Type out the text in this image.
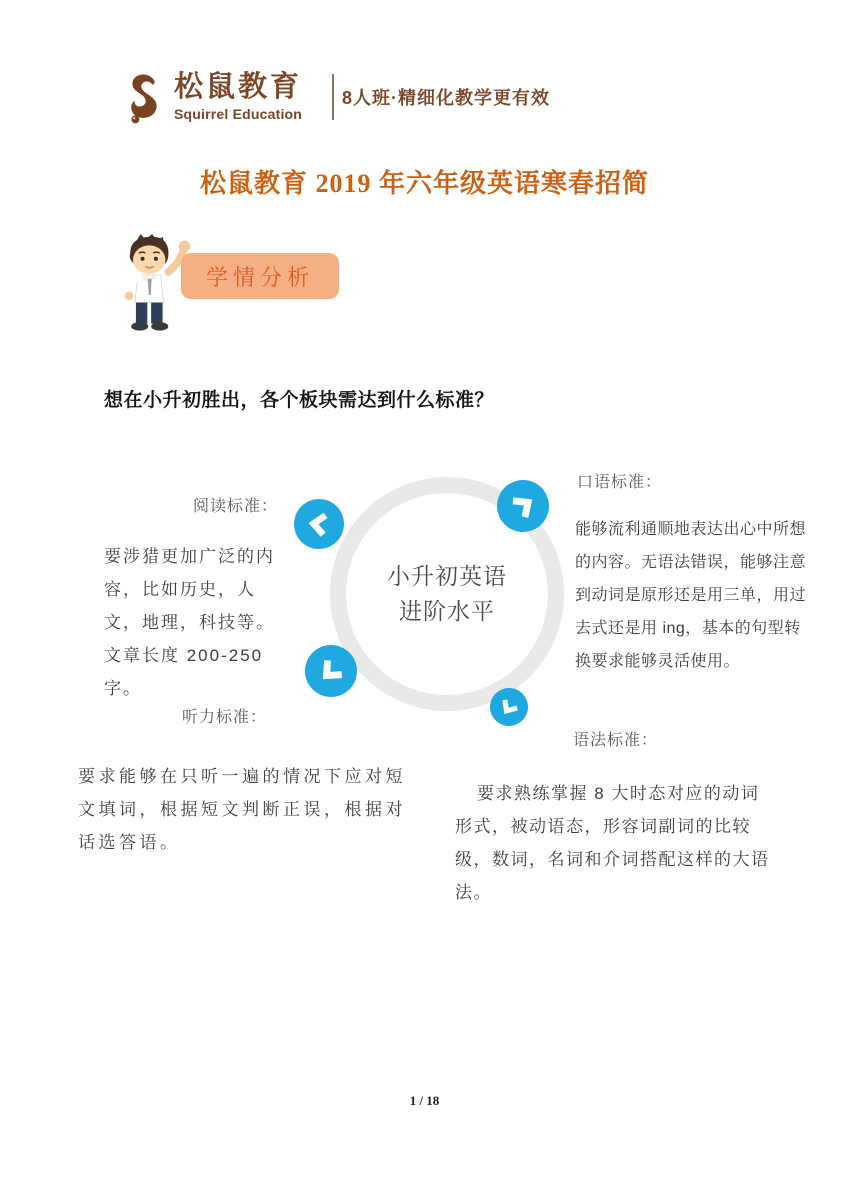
松鼠教育
Squirrel Education
8人班·精细化教学更有效
松鼠教育 2019 年六年级英语寒春招简
学情分析
想在小升初胜出，各个板块需达到什么标准？
小升初英语
进阶水平
阅读标准：
要涉猎更加广泛的内容，比如历史，人文，地理，科技等。文章长度 200-250 字。
口语标准：
能够流利通顺地表达出心中所想的内容。无语法错误，能够注意到动词是原形还是用三单，用过去式还是用 ing，基本的句型转换要求能够灵活使用。
听力标准：
要求能够在只听一遍的情况下应对短文填词，根据短文判断正误，根据对话选答语。
语法标准：
要求熟练掌握 8 大时态对应的动词形式，被动语态，形容词副词的比较级，数词，名词和介词搭配这样的大语法。
1 / 18
